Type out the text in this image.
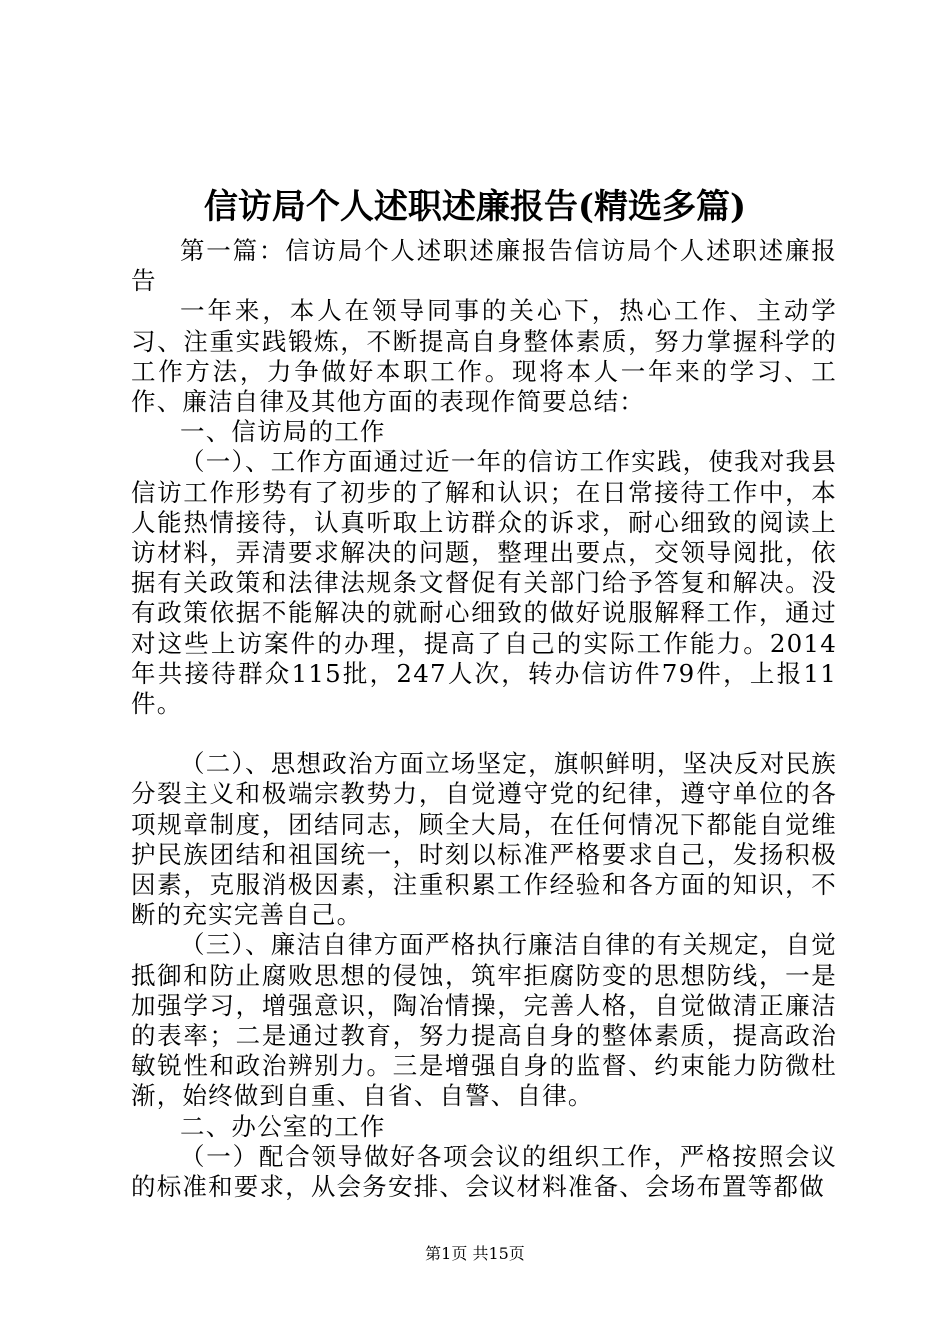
信访局个人述职述廉报告(精选多篇)

第一篇：信访局个人述职述廉报告信访局个人述职述廉报告

一年来，本人在领导同事的关心下，热心工作、主动学习、注重实践锻炼，不断提高自身整体素质，努力掌握科学的工作方法，力争做好本职工作。现将本人一年来的学习、工作、廉洁自律及其他方面的表现作简要总结：

一、信访局的工作

（一）、工作方面通过近一年的信访工作实践，使我对我县信访工作形势有了初步的了解和认识；在日常接待工作中，本人能热情接待，认真听取上访群众的诉求，耐心细致的阅读上访材料，弄清要求解决的问题，整理出要点，交领导阅批，依据有关政策和法律法规条文督促有关部门给予答复和解决。没有政策依据不能解决的就耐心细致的做好说服解释工作，通过对这些上访案件的办理，提高了自己的实际工作能力。2014年共接待群众115批，247人次，转办信访件79件，上报11件。

（二）、思想政治方面立场坚定，旗帜鲜明，坚决反对民族分裂主义和极端宗教势力，自觉遵守党的纪律，遵守单位的各项规章制度，团结同志，顾全大局，在任何情况下都能自觉维护民族团结和祖国统一，时刻以标准严格要求自己，发扬积极因素，克服消极因素，注重积累工作经验和各方面的知识，不断的充实完善自己。

（三）、廉洁自律方面严格执行廉洁自律的有关规定，自觉抵御和防止腐败思想的侵蚀，筑牢拒腐防变的思想防线，一是加强学习，增强意识，陶冶情操，完善人格，自觉做清正廉洁的表率；二是通过教育，努力提高自身的整体素质，提高政治敏锐性和政治辨别力。三是增强自身的监督、约束能力防微杜渐，始终做到自重、自省、自警、自律。

二、办公室的工作

（一）配合领导做好各项会议的组织工作，严格按照会议的标准和要求，从会务安排、会议材料准备、会场布置等都做

第1页 共15页
